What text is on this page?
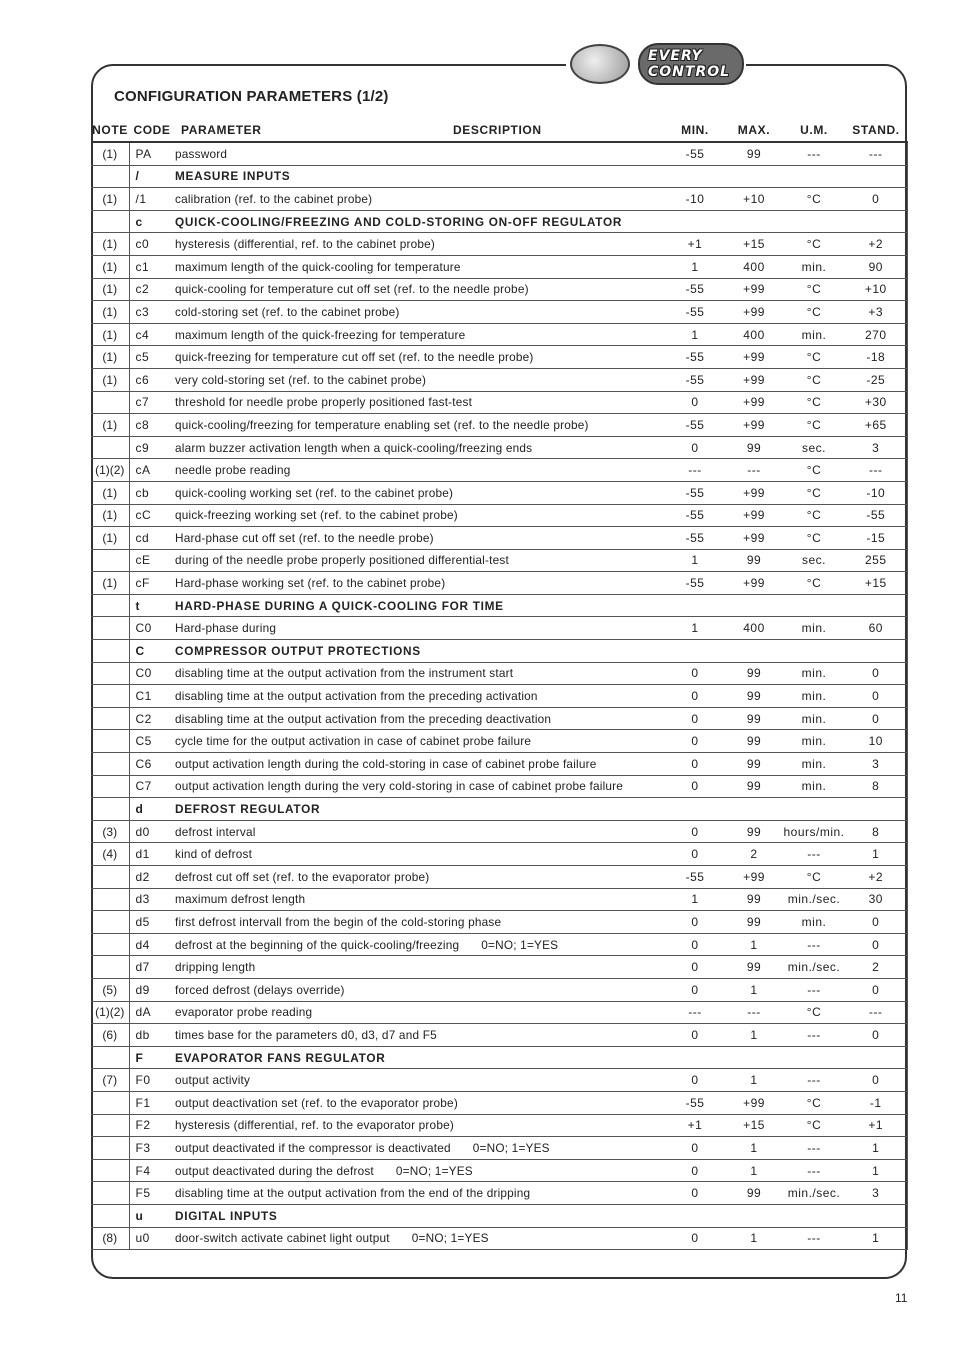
EVERY
CONTROL
CONFIGURATION PARAMETERS (1/2)
NOTE	CODE	PARAMETER DESCRIPTION	MIN.	MAX.	U.M.	STAND.
(1)	PA	password	-55	99	---	---
	/	MEASURE INPUTS				
(1)	/1	calibration (ref. to the cabinet probe)	-10	+10	°C	0
	c	QUICK-COOLING/FREEZING AND COLD-STORING ON-OFF REGULATOR				
(1)	c0	hysteresis (differential, ref. to the cabinet probe)	+1	+15	°C	+2
(1)	c1	maximum length of the quick-cooling for temperature	1	400	min.	90
(1)	c2	quick-cooling for temperature cut off set (ref. to the needle probe)	-55	+99	°C	+10
(1)	c3	cold-storing set (ref. to the cabinet probe)	-55	+99	°C	+3
(1)	c4	maximum length of the quick-freezing for temperature	1	400	min.	270
(1)	c5	quick-freezing for temperature cut off set (ref. to the needle probe)	-55	+99	°C	-18
(1)	c6	very cold-storing set (ref. to the cabinet probe)	-55	+99	°C	-25
	c7	threshold for needle probe properly positioned fast-test	0	+99	°C	+30
(1)	c8	quick-cooling/freezing for temperature enabling set (ref. to the needle probe)	-55	+99	°C	+65
	c9	alarm buzzer activation length when a quick-cooling/freezing ends	0	99	sec.	3
(1)(2)	cA	needle probe reading	---	---	°C	---
(1)	cb	quick-cooling working set (ref. to the cabinet probe)	-55	+99	°C	-10
(1)	cC	quick-freezing working set (ref. to the cabinet probe)	-55	+99	°C	-55
(1)	cd	Hard-phase cut off set (ref. to the needle probe)	-55	+99	°C	-15
	cE	during of the needle probe properly positioned differential-test	1	99	sec.	255
(1)	cF	Hard-phase working set (ref. to the cabinet probe)	-55	+99	°C	+15
	t	HARD-PHASE DURING A QUICK-COOLING FOR TIME				
	C0	Hard-phase during	1	400	min.	60
	C	COMPRESSOR OUTPUT PROTECTIONS				
	C0	disabling time at the output activation from the instrument start	0	99	min.	0
	C1	disabling time at the output activation from the preceding activation	0	99	min.	0
	C2	disabling time at the output activation from the preceding deactivation	0	99	min.	0
	C5	cycle time for the output activation in case of cabinet probe failure	0	99	min.	10
	C6	output activation length during the cold-storing in case of cabinet probe failure	0	99	min.	3
	C7	output activation length during the very cold-storing in case of cabinet probe failure	0	99	min.	8
	d	DEFROST REGULATOR				
(3)	d0	defrost interval	0	99	hours/min.	8
(4)	d1	kind of defrost	0	2	---	1
	d2	defrost cut off set (ref. to the evaporator probe)	-55	+99	°C	+2
	d3	maximum defrost length	1	99	min./sec.	30
	d5	first defrost intervall from the begin of the cold-storing phase	0	99	min.	0
	d4	defrost at the beginning of the quick-cooling/freezing 0=NO; 1=YES	0	1	---	0
	d7	dripping length	0	99	min./sec.	2
(5)	d9	forced defrost (delays override)	0	1	---	0
(1)(2)	dA	evaporator probe reading	---	---	°C	---
(6)	db	times base for the parameters d0, d3, d7 and F5	0	1	---	0
	F	EVAPORATOR FANS REGULATOR				
(7)	F0	output activity	0	1	---	0
	F1	output deactivation set (ref. to the evaporator probe)	-55	+99	°C	-1
	F2	hysteresis (differential, ref. to the evaporator probe)	+1	+15	°C	+1
	F3	output deactivated if the compressor is deactivated 0=NO; 1=YES	0	1	---	1
	F4	output deactivated during the defrost 0=NO; 1=YES	0	1	---	1
	F5	disabling time at the output activation from the end of the dripping	0	99	min./sec.	3
	u	DIGITAL INPUTS				
(8)	u0	door-switch activate cabinet light output 0=NO; 1=YES	0	1	---	1
11
